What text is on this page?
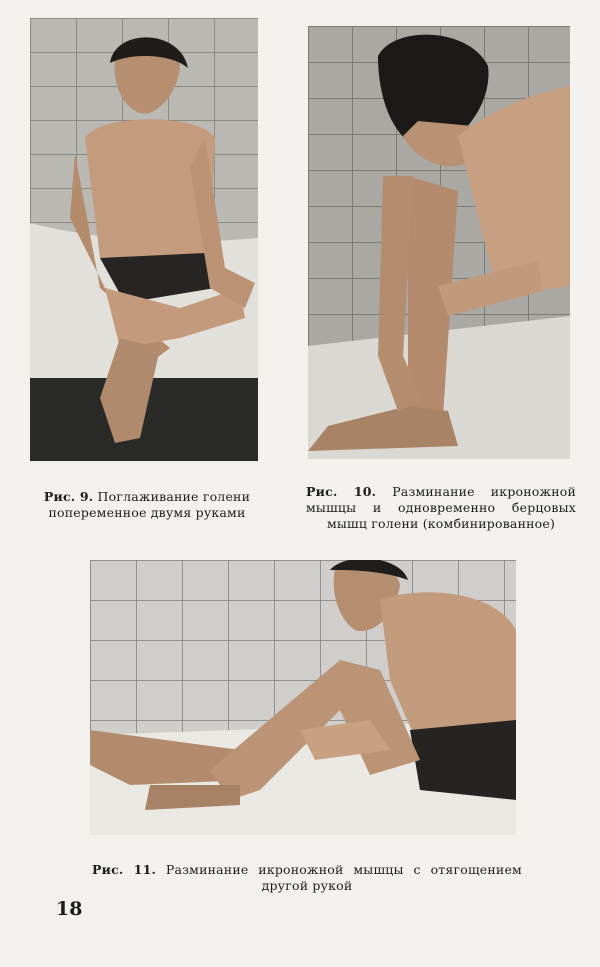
Рис. 9. Поглаживание голени попеременное двумя руками
Рис. 10. Разминание икроножной мышцы и одновременно берцовых мышц голени (комбинированное)
Рис. 11. Разминание икроножной мышцы с отягощением другой рукой
18
